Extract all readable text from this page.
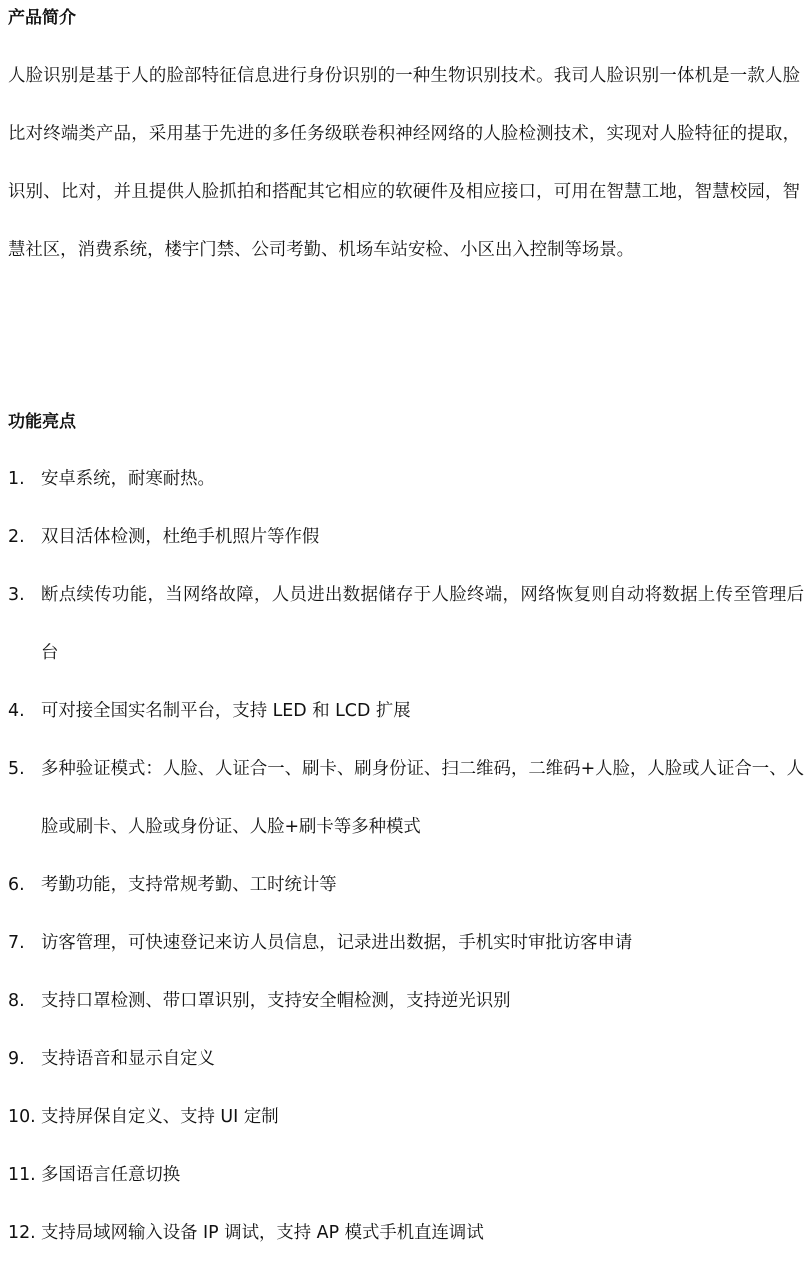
产品简介

人脸识别是基于人的脸部特征信息进行身份识别的一种生物识别技术。我司人脸识别一体机是一款人脸比对终端类产品，采用基于先进的多任务级联卷积神经网络的人脸检测技术，实现对人脸特征的提取，识别、比对，并且提供人脸抓拍和搭配其它相应的软硬件及相应接口，可用在智慧工地，智慧校园，智慧社区，消费系统，楼宇门禁、公司考勤、机场车站安检、小区出入控制等场景。

功能亮点
1. 安卓系统，耐寒耐热。
2. 双目活体检测，杜绝手机照片等作假
3. 断点续传功能，当网络故障，人员进出数据储存于人脸终端，网络恢复则自动将数据上传至管理后台
4. 可对接全国实名制平台，支持 LED 和 LCD 扩展
5. 多种验证模式：人脸、人证合一、刷卡、刷身份证、扫二维码，二维码+人脸，人脸或人证合一、人脸或刷卡、人脸或身份证、人脸+刷卡等多种模式
6. 考勤功能，支持常规考勤、工时统计等
7. 访客管理，可快速登记来访人员信息，记录进出数据，手机实时审批访客申请
8. 支持口罩检测、带口罩识别，支持安全帽检测，支持逆光识别
9. 支持语音和显示自定义
10. 支持屏保自定义、支持 UI 定制
11. 多国语言任意切换
12. 支持局域网输入设备 IP 调试，支持 AP 模式手机直连调试
